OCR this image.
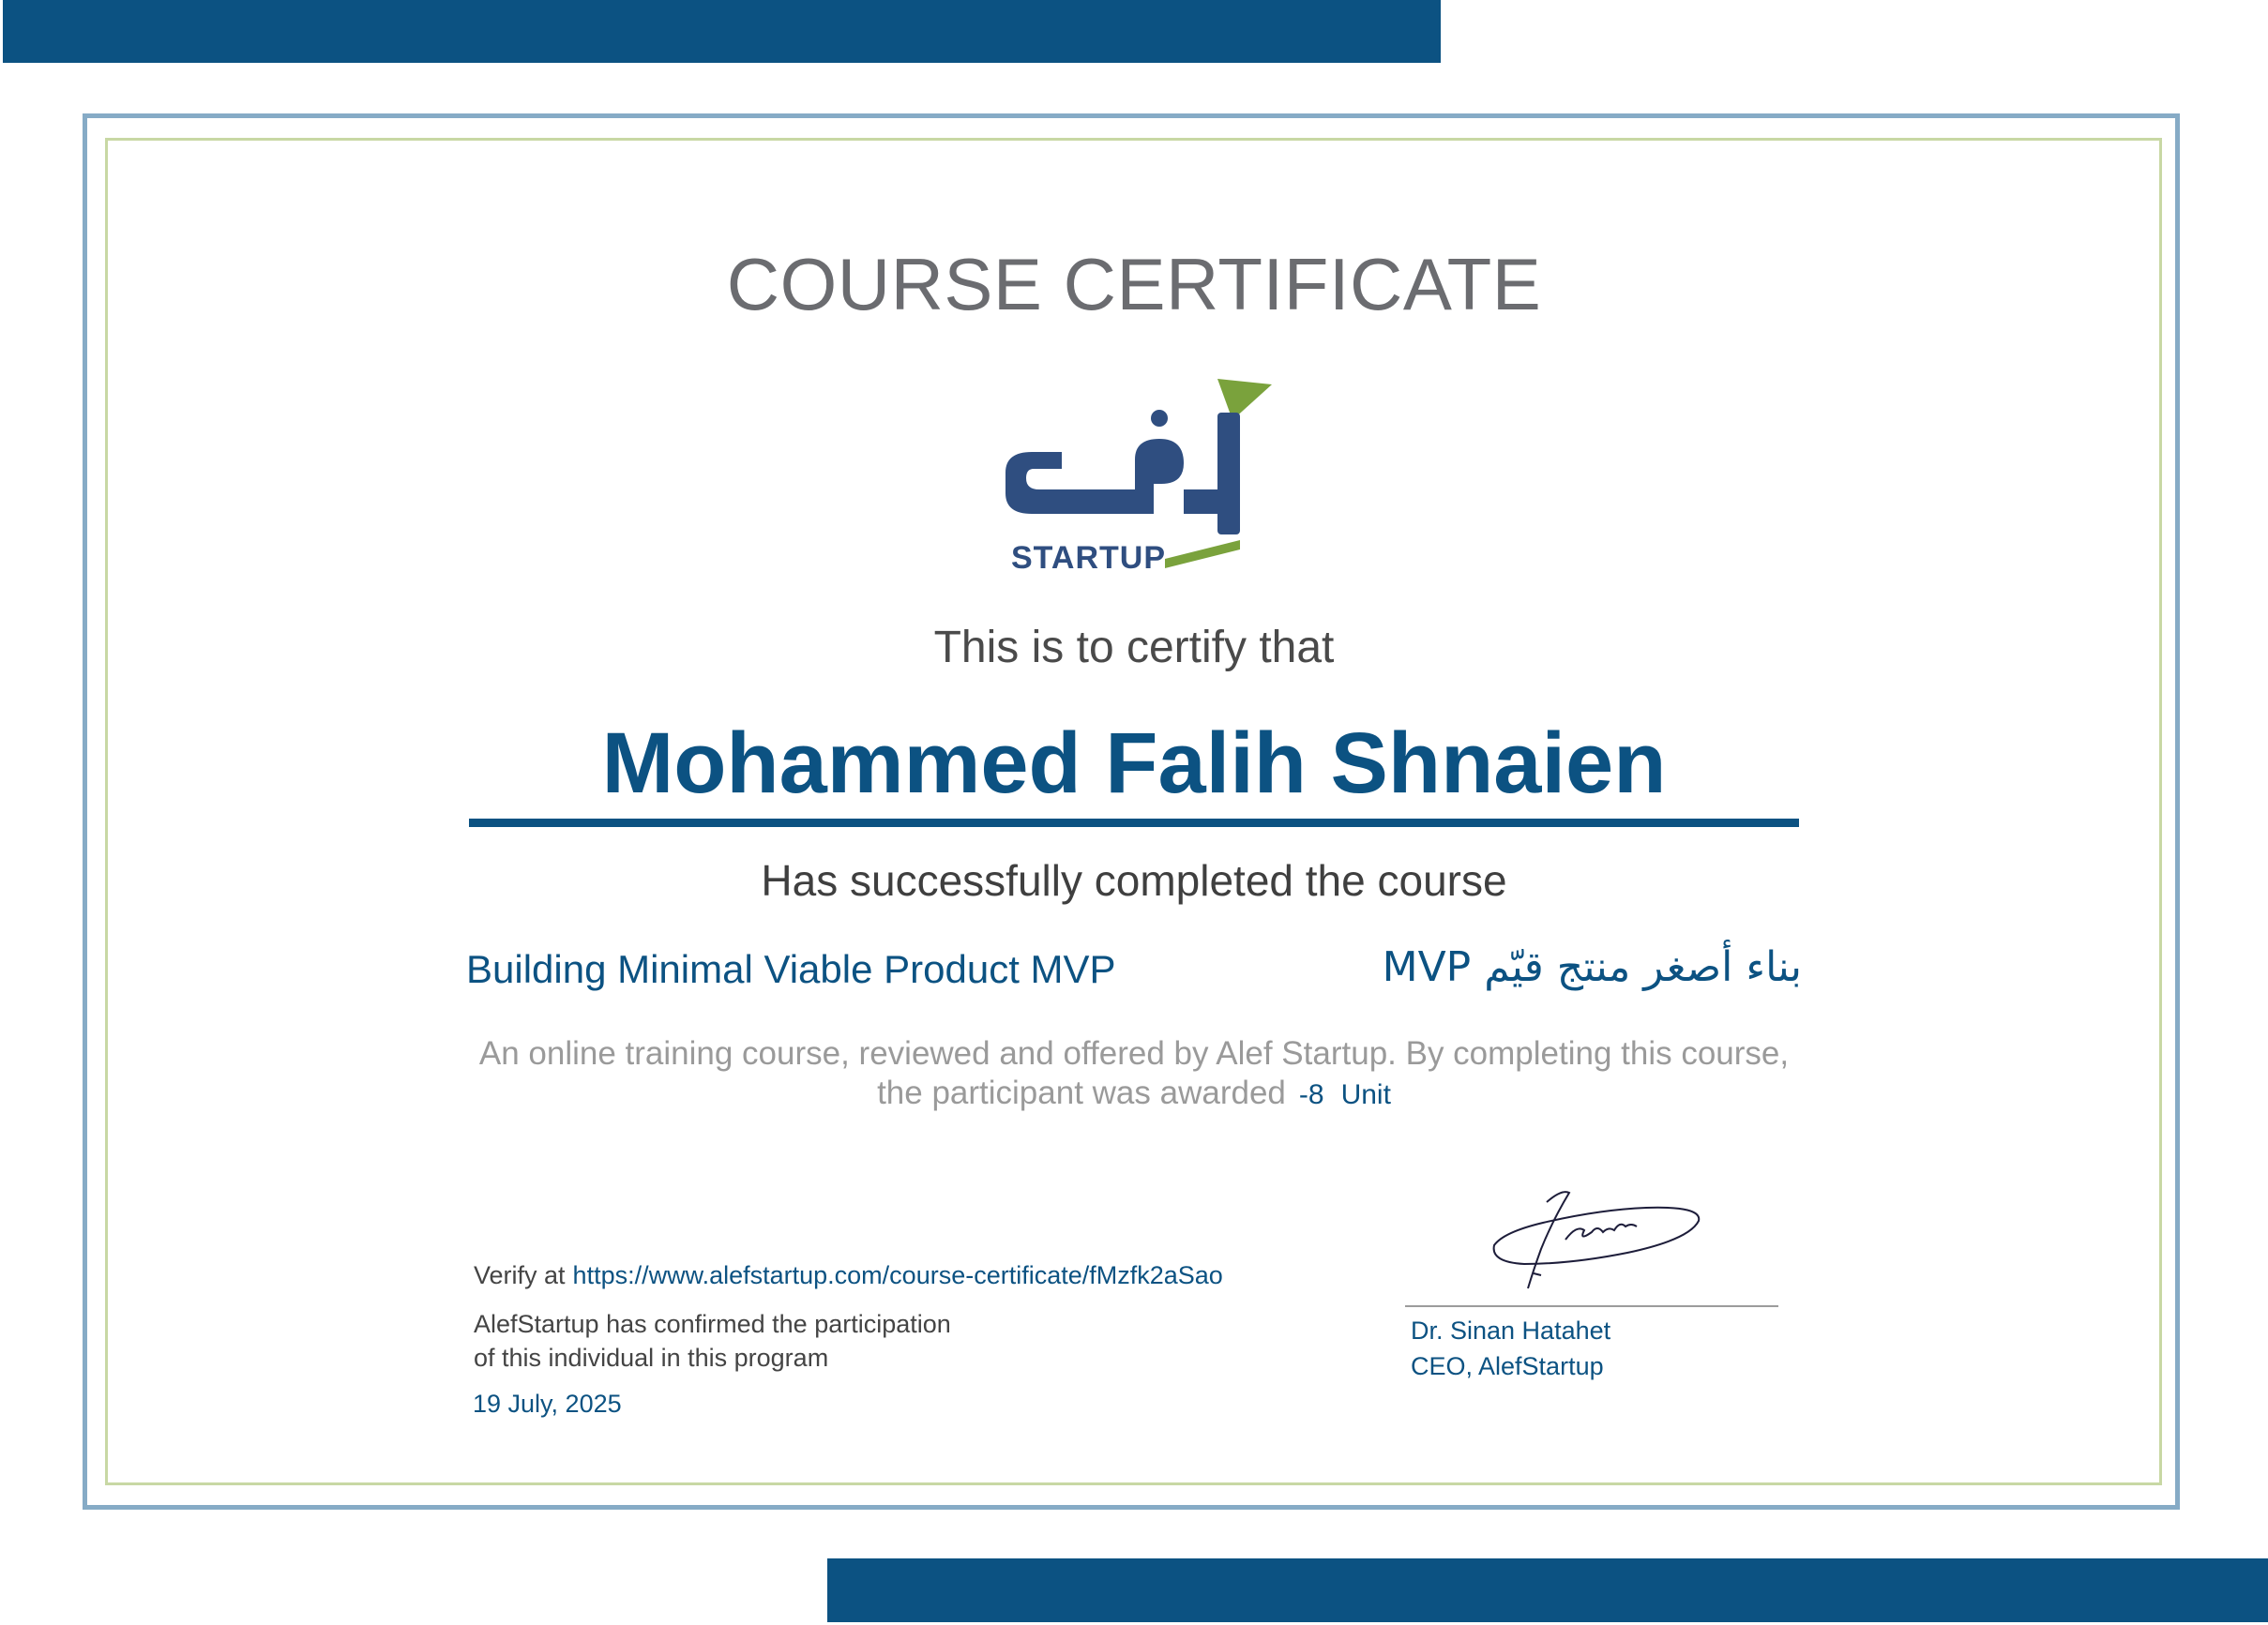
COURSE CERTIFICATE
STARTUP
This is to certify that
Mohammed Falih Shnaien
Has successfully completed the course
Building Minimal Viable Product MVP	بناء أصغر منتج قيّم MVP
An online training course, reviewed and offered by Alef Startup. By completing this course,
the participant was awarded -8 Unit
Verify at https://www.alefstartup.com/course-certificate/fMzfk2aSao
AlefStartup has confirmed the participation
of this individual in this program
19 July, 2025
Dr. Sinan Hatahet
CEO, AlefStartup
